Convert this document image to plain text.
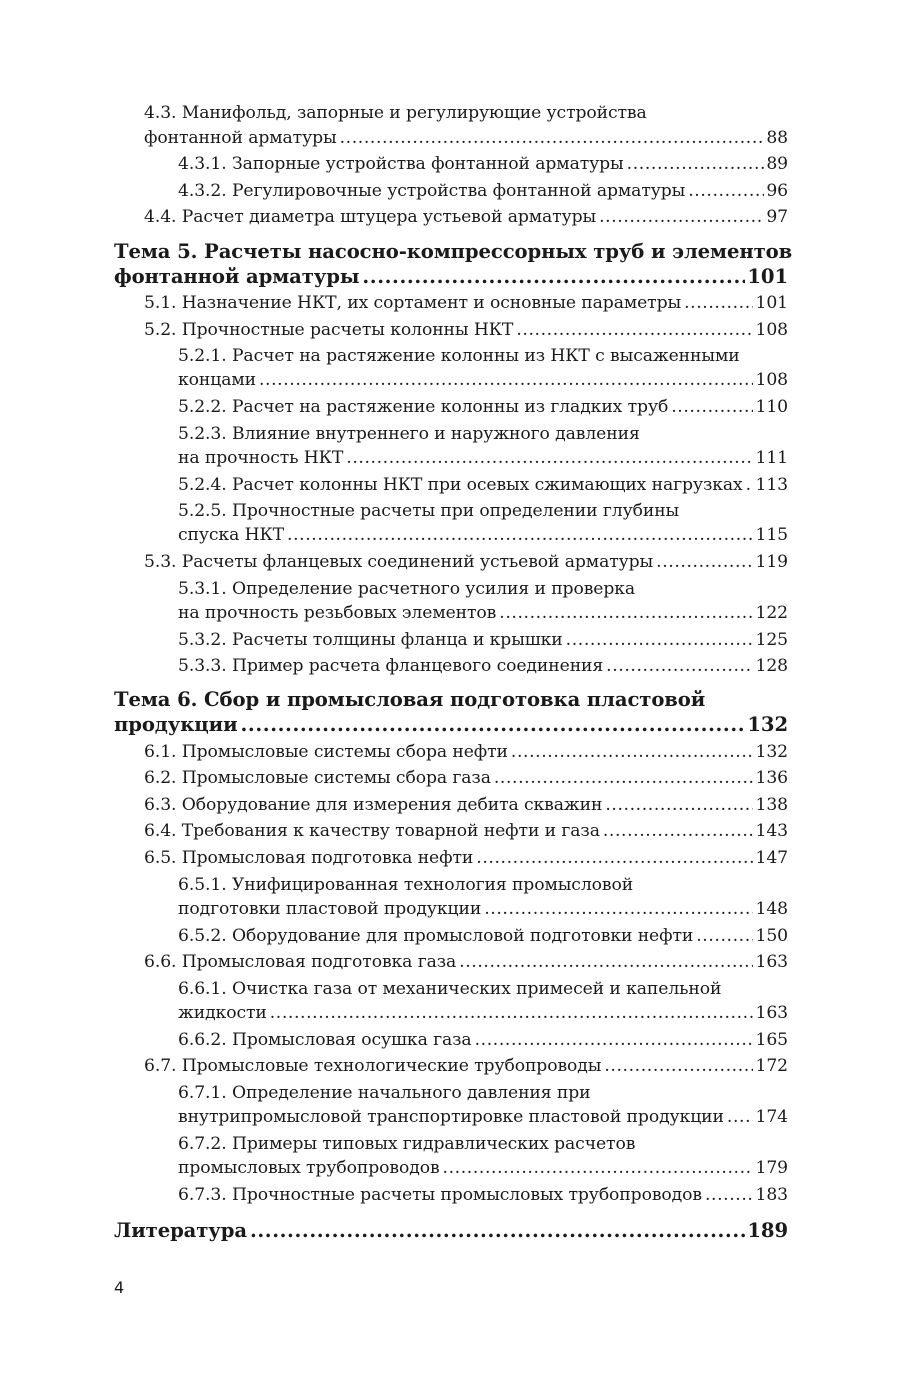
4.3. Манифольд, запорные и регулирующие устройства
фонтанной арматуры .....	88
4.3.1. Запорные устройства фонтанной арматуры .....	89
4.3.2. Регулировочные устройства фонтанной арматуры .....	96
4.4. Расчет диаметра штуцера устьевой арматуры .....	97
Тема 5. Расчеты насосно-компрессорных труб и элементов
фонтанной арматуры .....	101
5.1. Назначение НКТ, их сортамент и основные параметры .....	101
5.2. Прочностные расчеты колонны НКТ .....	108
5.2.1. Расчет на растяжение колонны из НКТ с высаженными
концами .....	108
5.2.2. Расчет на растяжение колонны из гладких труб .....	110
5.2.3. Влияние внутреннего и наружного давления
на прочность НКТ .....	111
5.2.4. Расчет колонны НКТ при осевых сжимающих нагрузках ..... 113
5.2.5. Прочностные расчеты при определении глубины
спуска НКТ .....	115
5.3. Расчеты фланцевых соединений устьевой арматуры .....	119
5.3.1. Определение расчетного усилия и проверка
на прочность резьбовых элементов .....	122
5.3.2. Расчеты толщины фланца и крышки .....	125
5.3.3. Пример расчета фланцевого соединения .....	128
Тема 6. Сбор и промысловая подготовка пластовой
продукции .....	132
6.1. Промысловые системы сбора нефти .....	132
6.2. Промысловые системы сбора газа .....	136
6.3. Оборудование для измерения дебита скважин .....	138
6.4. Требования к качеству товарной нефти и газа .....	143
6.5. Промысловая подготовка нефти .....	147
6.5.1. Унифицированная технология промысловой
подготовки пластовой продукции .....	148
6.5.2. Оборудование для промысловой подготовки нефти .....	150
6.6. Промысловая подготовка газа .....	163
6.6.1. Очистка газа от механических примесей и капельной
жидкости .....	163
6.6.2. Промысловая осушка газа .....	165
6.7. Промысловые технологические трубопроводы .....	172
6.7.1. Определение начального давления при
внутрипромысловой транспортировке пластовой продукции ..... 174
6.7.2. Примеры типовых гидравлических расчетов
промысловых трубопроводов .....	179
6.7.3. Прочностные расчеты промысловых трубопроводов .....	183
Литература .....	189
4
